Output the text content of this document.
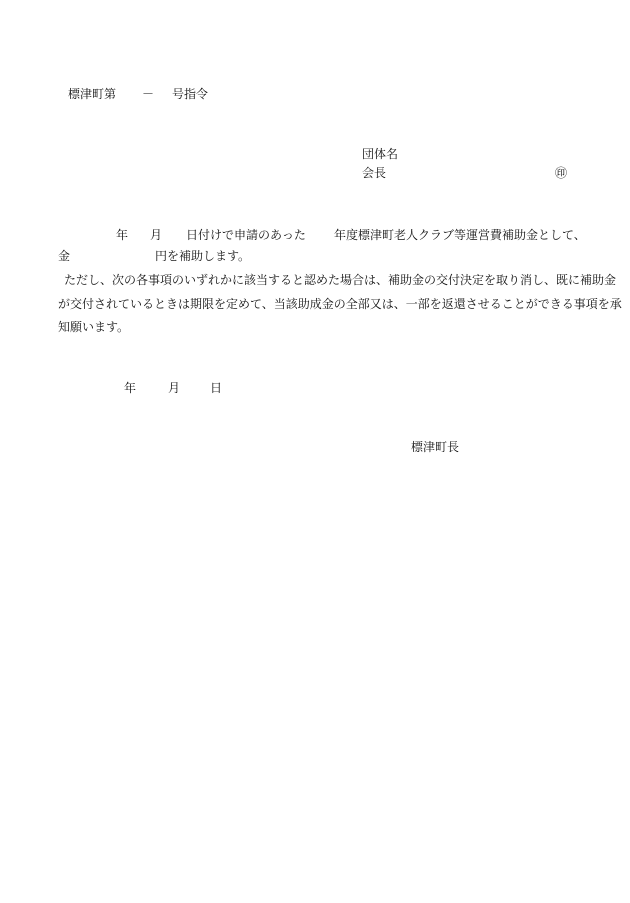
標津町第 － 号指令
団体名
会長	㊞
年 月 日付けで申請のあった 年度標津町老人クラブ等運営費補助金として、
金	円を補助します。
ただし、次の各事項のいずれかに該当すると認めた場合は、補助金の交付決定を取り消し、既に補助金
が交付されているときは期限を定めて、当該助成金の全部又は、一部を返還させることができる事項を承
知願います。
年	月 日
標津町長
